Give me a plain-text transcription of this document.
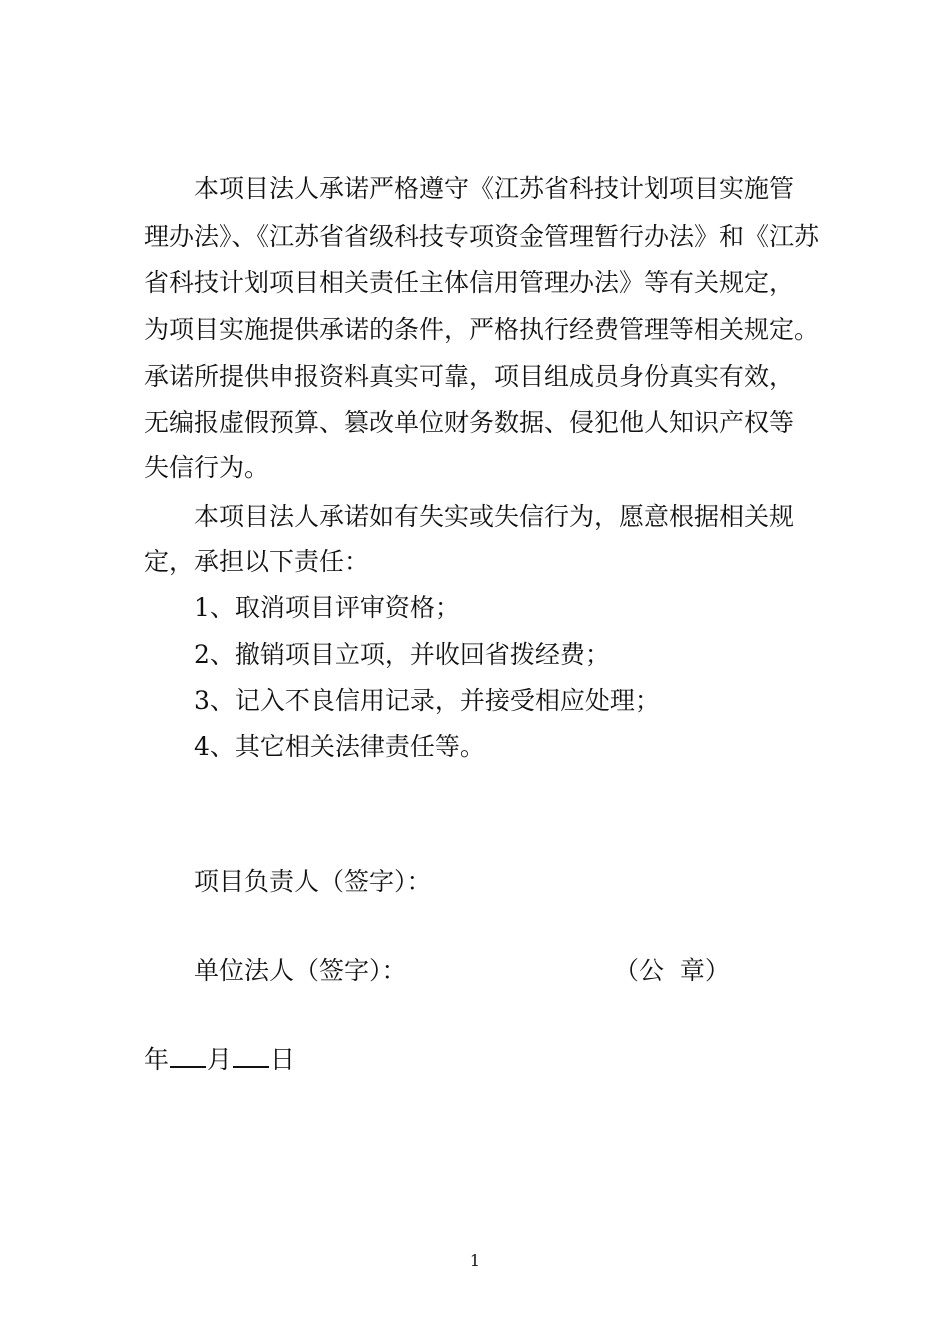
本项目法人承诺严格遵守《江苏省科技计划项目实施管
理办法》、《江苏省省级科技专项资金管理暂行办法》和《江苏
省科技计划项目相关责任主体信用管理办法》等有关规定，
为项目实施提供承诺的条件，严格执行经费管理等相关规定。
承诺所提供申报资料真实可靠，项目组成员身份真实有效，
无编报虚假预算、篡改单位财务数据、侵犯他人知识产权等
失信行为。
本项目法人承诺如有失实或失信行为，愿意根据相关规
定，承担以下责任：
1、取消项目评审资格；
2、撤销项目立项，并收回省拨经费；
3、记入不良信用记录，并接受相应处理；
4、其它相关法律责任等。
项目负责人（签字）：
单位法人（签字）：	（公  章）
年 月 日
1
